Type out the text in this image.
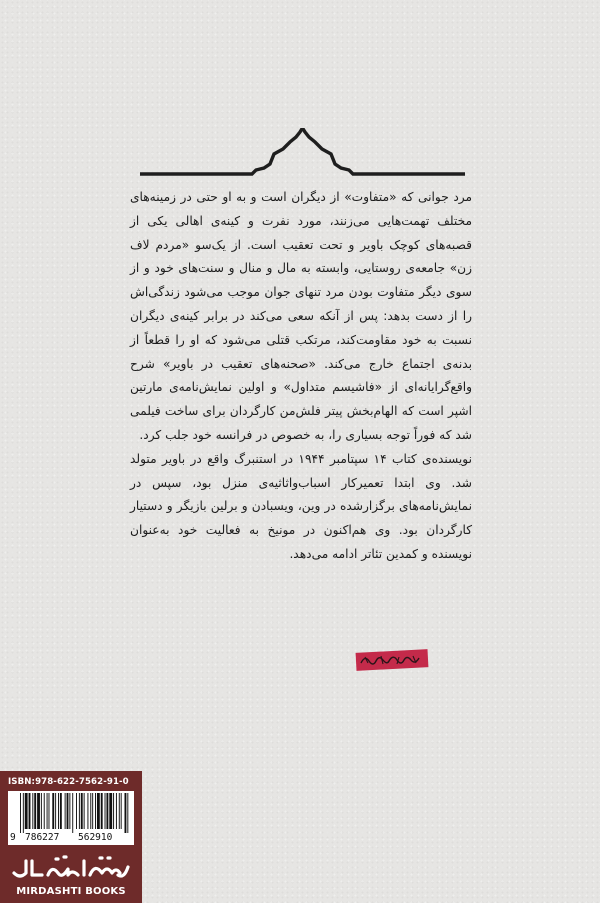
مرد جوانی که «متفاوت» از دیگران است و به او حتی در زمینه‌های مختلف تهمت‌هایی می‌زنند، مورد نفرت و کینه‌ی اهالی یکی از قصبه‌های کوچک باویر و تحت تعقیب است. از یک‌سو «مردم لاف زن» جامعه‌ی روستایی، وابسته به مال و منال و سنت‌های خود و از سوی دیگر متفاوت بودن مرد تنهای جوان موجب می‌شود زندگی‌اش را از دست بدهد: پس از آنکه سعی می‌کند در برابر کینه‌ی دیگران نسبت به خود مقاومت‌کند، مرتکب قتلی می‌شود که او را قطعاً از بدنه‌ی اجتماع خارج می‌کند. «صحنه‌های تعقیب در باویر» شرح واقع‌گرایانه‌ای از «فاشیسم متداول» و اولین نمایش‌نامه‌ی مارتین اشپر است که الهام‌بخش پیتر فلش‌من کارگردان برای ساخت فیلمی شد که فوراً توجه بسیاری را، به خصوص در فرانسه خود جلب کرد.

نویسنده‌ی کتاب ۱۴ سپتامبر ۱۹۴۴ در استنبرگ واقع در باویر متولد شد. وی ابتدا تعمیرکار اسباب‌واثاثیه‌ی منزل بود، سپس در نمایش‌نامه‌های برگزارشده در وین، ویسبادن و برلین بازیگر و دستیار کارگردان بود. وی هم‌اکنون در مونیخ به فعالیت خود به‌عنوان نویسنده و کمدین تئاتر ادامه می‌دهد.

ISBN:978-622-7562-91-0
9 786227 562910
MIRDASHTI BOOKS
